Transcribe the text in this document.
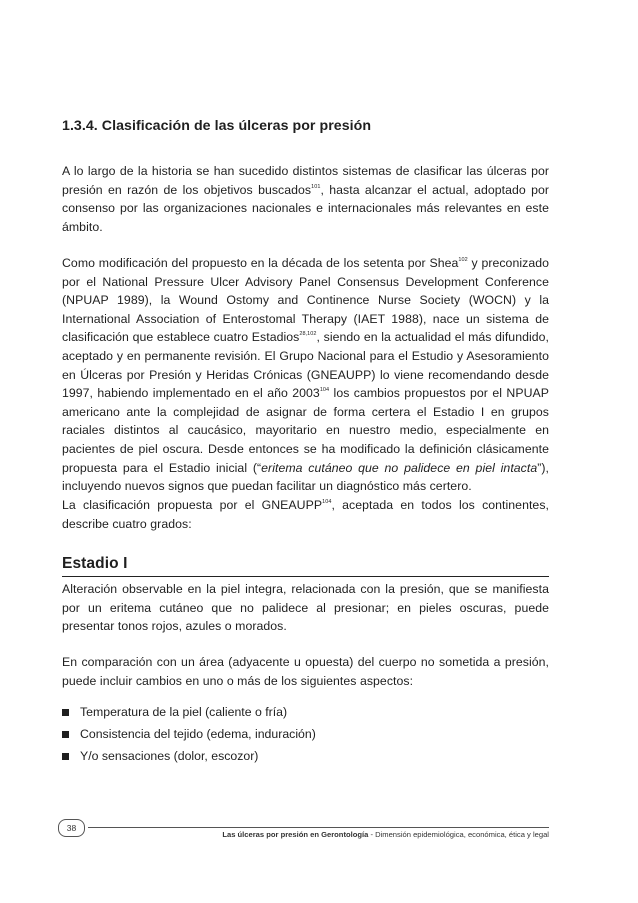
1.3.4. Clasificación de las úlceras por presión

A lo largo de la historia se han sucedido distintos sistemas de clasificar las úlceras por presión en razón de los objetivos buscados$^{101}$, hasta alcanzar el actual, adoptado por consenso por las organizaciones nacionales e internacionales más relevantes en este ámbito.

Como modificación del propuesto en la década de los setenta por Shea$^{102}$ y preconizado por el National Pressure Ulcer Advisory Panel Consensus Development Conference (NPUAP 1989), la Wound Ostomy and Continence Nurse Society (WOCN) y la International Association of Enterostomal Therapy (IAET 1988), nace un sistema de clasificación que establece cuatro Estadios$^{28,102}$, siendo en la actualidad el más difundido, aceptado y en permanente revisión. El Grupo Nacional para el Estudio y Asesoramiento en Úlceras por Presión y Heridas Crónicas (GNEAUPP) lo viene recomendando desde 1997, habiendo implementado en el año 2003$^{104}$ los cambios propuestos por el NPUAP americano ante la complejidad de asignar de forma certera el Estadio I en grupos raciales distintos al caucásico, mayoritario en nuestro medio, especialmente en pacientes de piel oscura. Desde entonces se ha modificado la definición clásicamente propuesta para el Estadio inicial (“eritema cutáneo que no palidece en piel intacta”), incluyendo nuevos signos que puedan facilitar un diagnóstico más certero.

La clasificación propuesta por el GNEAUPP$^{104}$, aceptada en todos los continentes, describe cuatro grados:

Estadio I

Alteración observable en la piel integra, relacionada con la presión, que se manifiesta por un eritema cutáneo que no palidece al presionar; en pieles oscuras, puede presentar tonos rojos, azules o morados.

En comparación con un área (adyacente u opuesta) del cuerpo no sometida a presión, puede incluir cambios en uno o más de los siguientes aspectos:

Temperatura de la piel (caliente o fría)
Consistencia del tejido (edema, induración)
Y/o sensaciones (dolor, escozor)
38
Las úlceras por presión en Gerontología - Dimensión epidemiológica, económica, ética y legal
